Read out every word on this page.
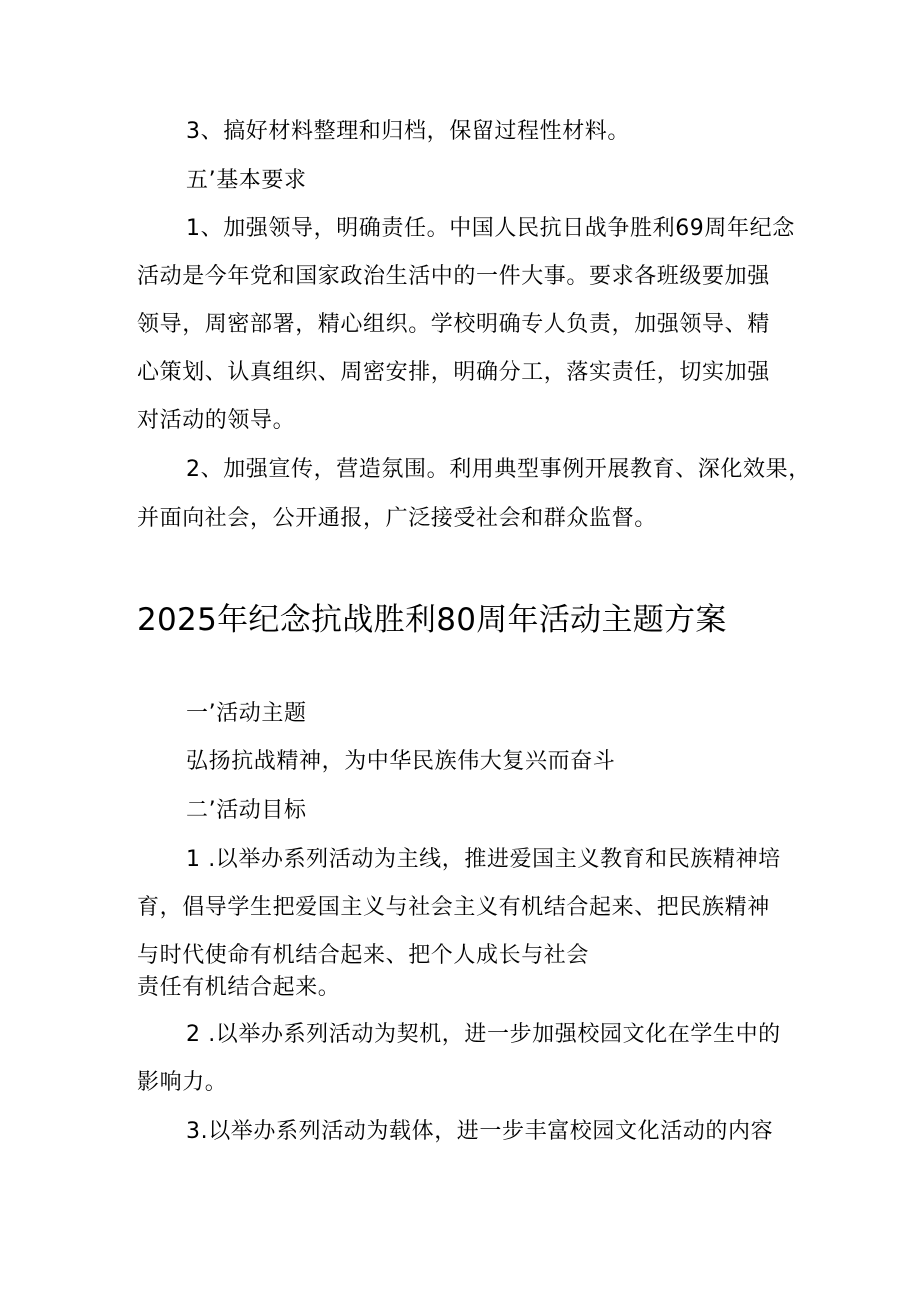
3、搞好材料整理和归档，保留过程性材料。
五’基本要求
1、加强领导，明确责任。中国人民抗日战争胜利69周年纪念
活动是今年党和国家政治生活中的一件大事。要求各班级要加强
领导，周密部署，精心组织。学校明确专人负责，加强领导、精
心策划、认真组织、周密安排，明确分工，落实责任，切实加强
对活动的领导。
2、加强宣传，营造氛围。利用典型事例开展教育、深化效果，
并面向社会，公开通报，广泛接受社会和群众监督。
2025年纪念抗战胜利80周年活动主题方案
一’活动主题
弘扬抗战精神，为中华民族伟大复兴而奋斗
二’活动目标
1 .以举办系列活动为主线，推进爱国主义教育和民族精神培
育，倡导学生把爱国主义与社会主义有机结合起来、把民族精神
与时代使命有机结合起来、把个人成长与社会
责任有机结合起来。
2 .以举办系列活动为契机，进一步加强校园文化在学生中的
影响力。
3.以举办系列活动为载体，进一步丰富校园文化活动的内容
